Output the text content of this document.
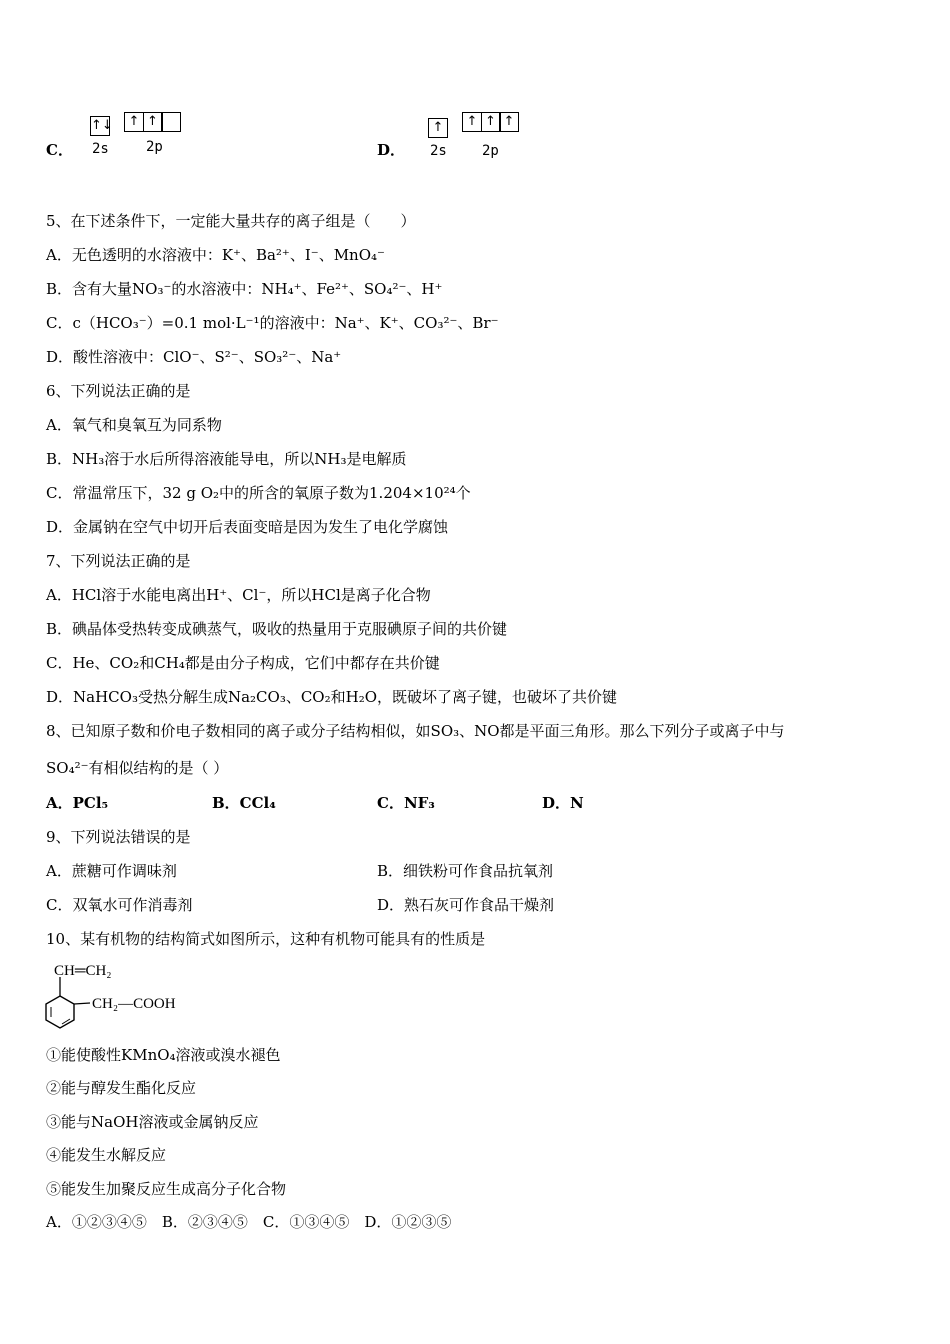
C．
↑↓	↑ ↑
2s	2p	D．
↑	↑ ↑ ↑
2s	2p
5、在下述条件下，一定能大量共存的离子组是（　　）
A．无色透明的水溶液中：K⁺、Ba²⁺、I⁻、MnO₄⁻
B．含有大量NO₃⁻的水溶液中：NH₄⁺、Fe²⁺、SO₄²⁻、H⁺
C．c（HCO₃⁻）=0.1 mol·L⁻¹的溶液中：Na⁺、K⁺、CO₃²⁻、Br⁻
D．酸性溶液中：ClO⁻、S²⁻、SO₃²⁻、Na⁺
6、下列说法正确的是
A．氧气和臭氧互为同系物
B．NH₃溶于水后所得溶液能导电，所以NH₃是电解质
C．常温常压下，32 g O₂中的所含的氧原子数为1.204×10²⁴个
D．金属钠在空气中切开后表面变暗是因为发生了电化学腐蚀
7、下列说法正确的是
A．HCl溶于水能电离出H⁺、Cl⁻，所以HCl是离子化合物
B．碘晶体受热转变成碘蒸气，吸收的热量用于克服碘原子间的共价键
C．He、CO₂和CH₄都是由分子构成，它们中都存在共价键
D．NaHCO₃受热分解生成Na₂CO₃、CO₂和H₂O，既破坏了离子键，也破坏了共价键
8、已知原子数和价电子数相同的离子或分子结构相似，如SO₃、NO都是平面三角形。那么下列分子或离子中与
SO₄²⁻有相似结构的是（ ）
A．PCl₅	B．CCl₄	C．NF₃	D．N
9、下列说法错误的是
A．蔗糖可作调味剂	B．细铁粉可作食品抗氧剂
C．双氧水可作消毒剂	D．熟石灰可作食品干燥剂
10、某有机物的结构简式如图所示，这种有机物可能具有的性质是
CH═CH₂
CH₂—COOH
①能使酸性KMnO₄溶液或溴水褪色
②能与醇发生酯化反应
③能与NaOH溶液或金属钠反应
④能发生水解反应
⑤能发生加聚反应生成高分子化合物
A．①②③④⑤　B．②③④⑤　C．①③④⑤　D．①②③⑤
